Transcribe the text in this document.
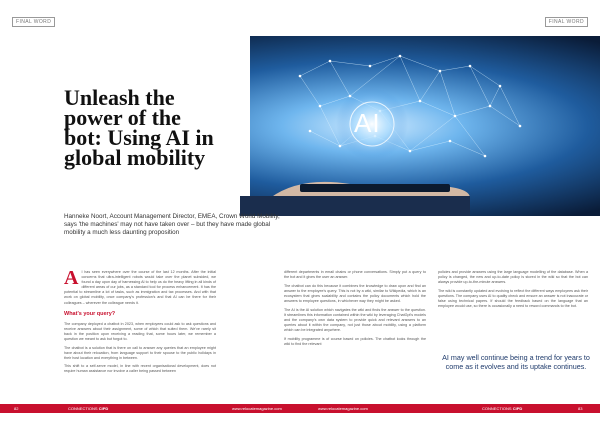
FINAL WORD	FINAL WORD
AI
Unleash the power of the bot: Using AI in global mobility

Hanneke Noort, Account Management Director, EMEA, Crown World Mobility, says 'the machines' may not have taken over – but they have made global mobility a much less daunting proposition

A I has seen everywhere over the course of the last 12 months. After the initial concerns that ultra-intelligent robots would take over the planet subsided, we found a day upon day of harnessing AI to help us do the heavy lifting in all kinds of different areas of our jobs, as a standard tool for process enhancement. It has the potential to streamline a lot of tasks, such as immigration and tax processes. And with that work on global mobility, once company's profession's and that AI can be there for their colleagues – wherever the colleague needs it.

What's your query?

The company deployed a chatbot in 2023, when employees could ask to ask questions and receive answers about their assignment, some of which that suited them. We've rarely sit back in the position upon receiving a reading that, some hours later, we remember a question we meant to ask but forgot to.

The chatbot is a solution that is there on call to answer any queries that an employee might have about their relocation, from language support to their spouse to the public holidays in their host location and everything in between.

This shift to a self-serve model, in line with recent organisational development, does not require human assistance nor involve a caller being passed between

different departments in email chains or phone conversations. Simply put a query to the bot and it gives the user an answer.

The chatbot can do this because it combines the knowledge to draw upon and find an answer to the employee's query. This is not by a wiki, similar to Wikipedia, which is an ecosystem that gives scalability and contains the policy documents which hold the answers to employee questions, in whichever way they might be asked.

The AI is the AI solution which navigates the wiki and finds the answer to the question. It streamlines this information contained within the wiki by leveraging ChatGpt's models and the company's own data system to provide quick and relevant answers to an queries about it within the company, not just those about mobility, using a platform which can be integrated anywhere.

If mobility programme is of course based on policies. The chatbot looks through the wiki to find the relevant

policies and provide answers using the large language modelling of the database. When a policy is changed, the new and up-to-date policy is stored in the wiki so that the bot can always provide up-to-the-minute answers.

The wiki is constantly updated and evolving to reflect the different ways employees ask their questions. The company uses AI to quality check and ensure an answer is not inaccurate or false using technical papers. If should the feedback based on the language that an employee would use, so there is occasionally a need to reword commands to the bot.

AI may well continue being a trend for years to come as it evolves and its uptake continues.

82	CONNECTIONS CIPD	www.relocatemagazine.com	www.relocatemagazine.com	CONNECTIONS CIPD	83
